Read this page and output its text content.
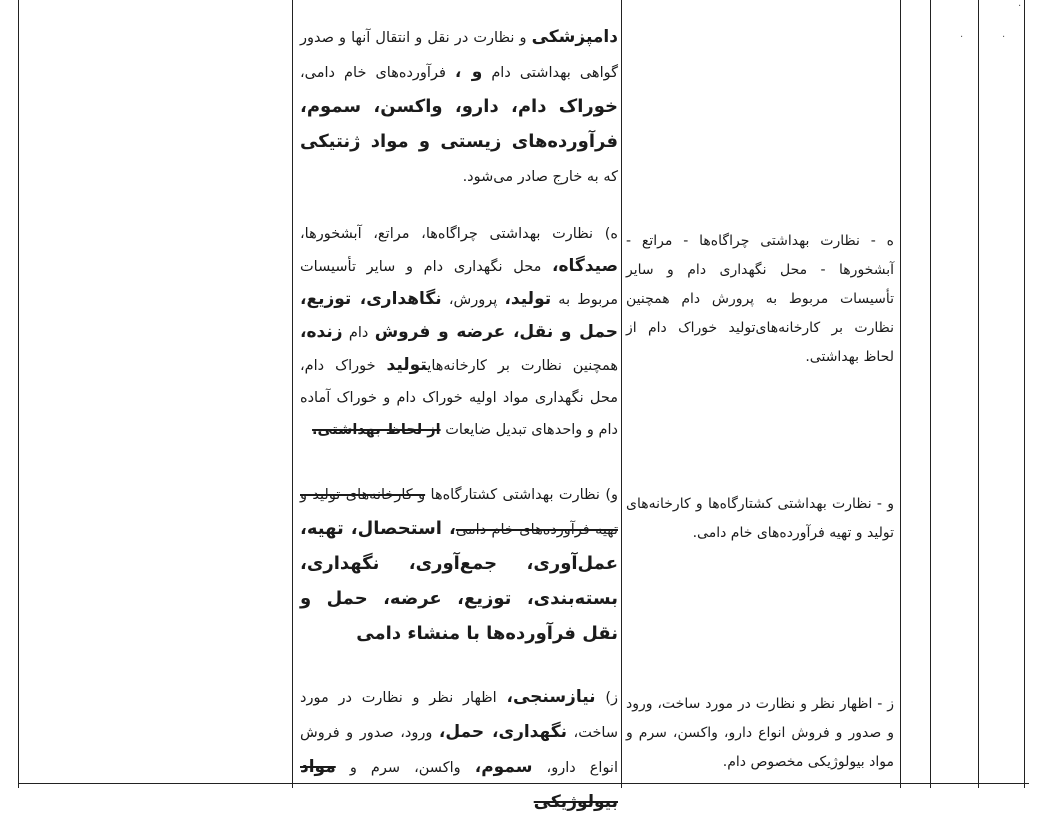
.
·	·

دامپزشکی و نظارت در نقل و انتقال آنها و صدور گواهی بهداشتی دام و ، فرآورده‌های خام دامی، خوراک دام، دارو، واکسن، سموم، فرآورده‌های زیستی و مواد ژنتیکی که به خارج صادر می‌شود.

ه) نظارت بهداشتی چراگاه‌ها، مراتع، آبشخورها، صیدگاه، محل نگهداری دام و سایر تأسیسات مربوط به تولید، پرورش، نگاهداری، توزیع، حمل و نقل، عرضه و فروش دام زنده، همچنین نظارت بر کارخانه‌هایتولید خوراک دام، محل نگهداری مواد اولیه خوراک دام و خوراک آماده دام و واحدهای تبدیل ضایعات از لحاظ بهداشتی.

و) نظارت بهداشتی کشتارگاه‌ها و کارخانه‌های تولید و تهیه فرآورده‌های خام دامی، استحصال، تهیه، عمل‌آوری، جمع‌آوری، نگهداری، بسته‌بندی، توزیع، عرضه، حمل و نقل فرآورده‌ها با منشاء دامی

ز) نیازسنجی، اظهار نظر و نظارت در مورد ساخت، نگهداری، حمل، ورود، صدور و فروش انواع دارو، سموم، واکسن، سرم و مواد بیولوژیکی

ه - نظارت بهداشتی چراگاه‌ها - مراتع - آبشخورها - محل نگهداری دام و سایر تأسیسات مربوط به پرورش دام همچنین نظارت بر کارخانه‌های‌تولید خوراک دام از لحاظ بهداشتی.

و - نظارت بهداشتی کشتارگاه‌ها و کارخانه‌های تولید و تهیه فرآورده‌های خام دامی.

ز - اظهار نظر و نظارت در مورد ساخت، ورود و صدور و فروش انواع دارو، واکسن، سرم و مواد بیولوژیکی مخصوص دام.
